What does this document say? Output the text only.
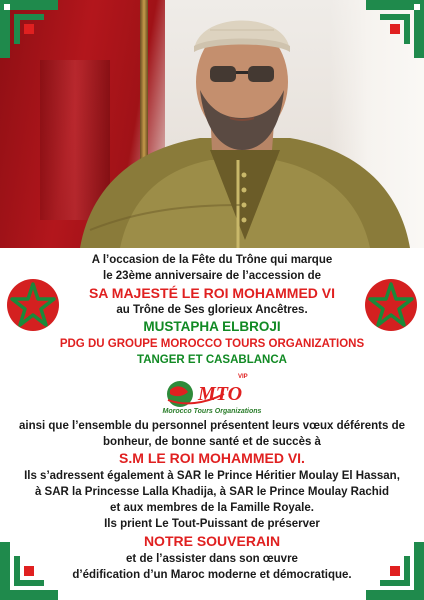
A l’occasion de la Fête du Trône qui marque
le 23ème anniversaire de l’accession de
SA MAJESTÉ LE ROI MOHAMMED VI
au Trône de Ses glorieux Ancêtres.
MUSTAPHA ELBROJI
PDG DU GROUPE MOROCCO TOURS ORGANIZATIONS
TANGER ET CASABLANCA
VIP
MTO
Morocco Tours Organizations
ainsi que l’ensemble du personnel présentent leurs vœux déférents de
bonheur, de bonne santé et de succès à
S.M LE ROI MOHAMMED VI.
Ils s’adressent également à SAR le Prince Héritier Moulay El Hassan,
à SAR la Princesse Lalla Khadija, à SAR le Prince Moulay Rachid
et aux membres de la Famille Royale.
Ils prient Le Tout-Puissant de préserver
NOTRE SOUVERAIN
et de l’assister dans son œuvre
d’édification d’un Maroc moderne et démocratique.
